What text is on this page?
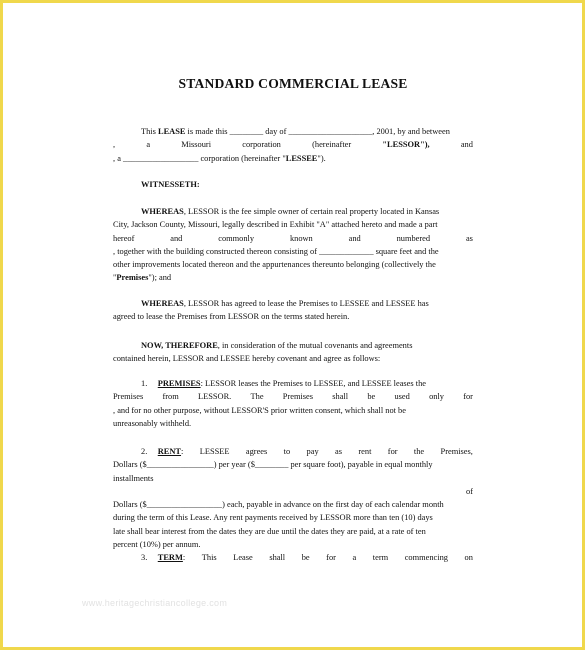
STANDARD COMMERCIAL LEASE
This LEASE is made this ________ day of ____________________, 2001, by and between
,	a	Missouri	corporation	(hereinafter	"LESSOR"),	and
, a __________________ corporation (hereinafter "LESSEE").
WITNESSETH:
WHEREAS, LESSOR is the fee simple owner of certain real property located in Kansas
City, Jackson County, Missouri, legally described in Exhibit "A" attached hereto and made a part
hereof	and	commonly	known	and	numbered	as
, together with the building constructed thereon consisting of _____________ square feet and the
other improvements located thereon and the appurtenances thereunto belonging (collectively the
"Premises"); and
WHEREAS, LESSOR has agreed to lease the Premises to LESSEE and LESSEE has
agreed to lease the Premises from LESSOR on the terms stated herein.
NOW, THEREFORE, in consideration of the mutual covenants and agreements
contained herein, LESSOR and LESSEE hereby covenant and agree as follows:
1. PREMISES: LESSOR leases the Premises to LESSEE, and LESSEE leases the
Premises from LESSOR. The Premises shall be used only for
, and for no other purpose, without LESSOR'S prior written consent, which shall not be
unreasonably withheld.
2. RENT: LESSEE agrees to pay as rent for the Premises,
Dollars ($________________) per year ($________ per square foot), payable in equal monthly
installments
of
Dollars ($__________________) each, payable in advance on the first day of each calendar month
during the term of this Lease. Any rent payments received by LESSOR more than ten (10) days
late shall bear interest from the dates they are due until the dates they are paid, at a rate of ten
percent (10%) per annum.
3. TERM: This Lease shall be for a term commencing on
www.heritagechristiancollege.com
